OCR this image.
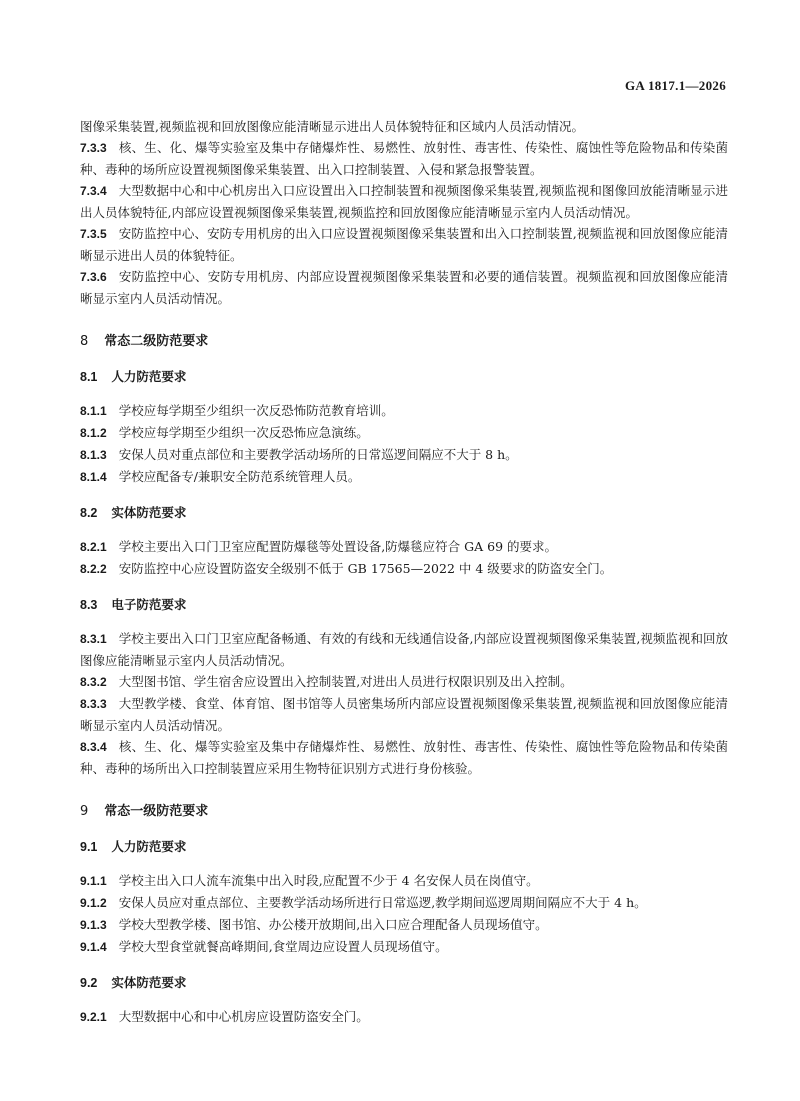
GA 1817.1—2026
图像采集装置,视频监视和回放图像应能清晰显示进出人员体貌特征和区域内人员活动情况。
7.3.3 核、生、化、爆等实验室及集中存储爆炸性、易燃性、放射性、毒害性、传染性、腐蚀性等危险物品和传染菌种、毒种的场所应设置视频图像采集装置、出入口控制装置、入侵和紧急报警装置。
7.3.4 大型数据中心和中心机房出入口应设置出入口控制装置和视频图像采集装置,视频监视和图像回放能清晰显示进出人员体貌特征,内部应设置视频图像采集装置,视频监控和回放图像应能清晰显示室内人员活动情况。
7.3.5 安防监控中心、安防专用机房的出入口应设置视频图像采集装置和出入口控制装置,视频监视和回放图像应能清晰显示进出人员的体貌特征。
7.3.6 安防监控中心、安防专用机房、内部应设置视频图像采集装置和必要的通信装置。视频监视和回放图像应能清晰显示室内人员活动情况。
8 常态二级防范要求
8.1 人力防范要求
8.1.1 学校应每学期至少组织一次反恐怖防范教育培训。
8.1.2 学校应每学期至少组织一次反恐怖应急演练。
8.1.3 安保人员对重点部位和主要教学活动场所的日常巡逻间隔应不大于 8 h。
8.1.4 学校应配备专/兼职安全防范系统管理人员。
8.2 实体防范要求
8.2.1 学校主要出入口门卫室应配置防爆毯等处置设备,防爆毯应符合 GA 69 的要求。
8.2.2 安防监控中心应设置防盗安全级别不低于 GB 17565—2022 中 4 级要求的防盗安全门。
8.3 电子防范要求
8.3.1 学校主要出入口门卫室应配备畅通、有效的有线和无线通信设备,内部应设置视频图像采集装置,视频监视和回放图像应能清晰显示室内人员活动情况。
8.3.2 大型图书馆、学生宿舍应设置出入控制装置,对进出人员进行权限识别及出入控制。
8.3.3 大型教学楼、食堂、体育馆、图书馆等人员密集场所内部应设置视频图像采集装置,视频监视和回放图像应能清晰显示室内人员活动情况。
8.3.4 核、生、化、爆等实验室及集中存储爆炸性、易燃性、放射性、毒害性、传染性、腐蚀性等危险物品和传染菌种、毒种的场所出入口控制装置应采用生物特征识别方式进行身份核验。
9 常态一级防范要求
9.1 人力防范要求
9.1.1 学校主出入口人流车流集中出入时段,应配置不少于 4 名安保人员在岗值守。
9.1.2 安保人员应对重点部位、主要教学活动场所进行日常巡逻,教学期间巡逻周期间隔应不大于 4 h。
9.1.3 学校大型教学楼、图书馆、办公楼开放期间,出入口应合理配备人员现场值守。
9.1.4 学校大型食堂就餐高峰期间,食堂周边应设置人员现场值守。
9.2 实体防范要求
9.2.1 大型数据中心和中心机房应设置防盗安全门。
